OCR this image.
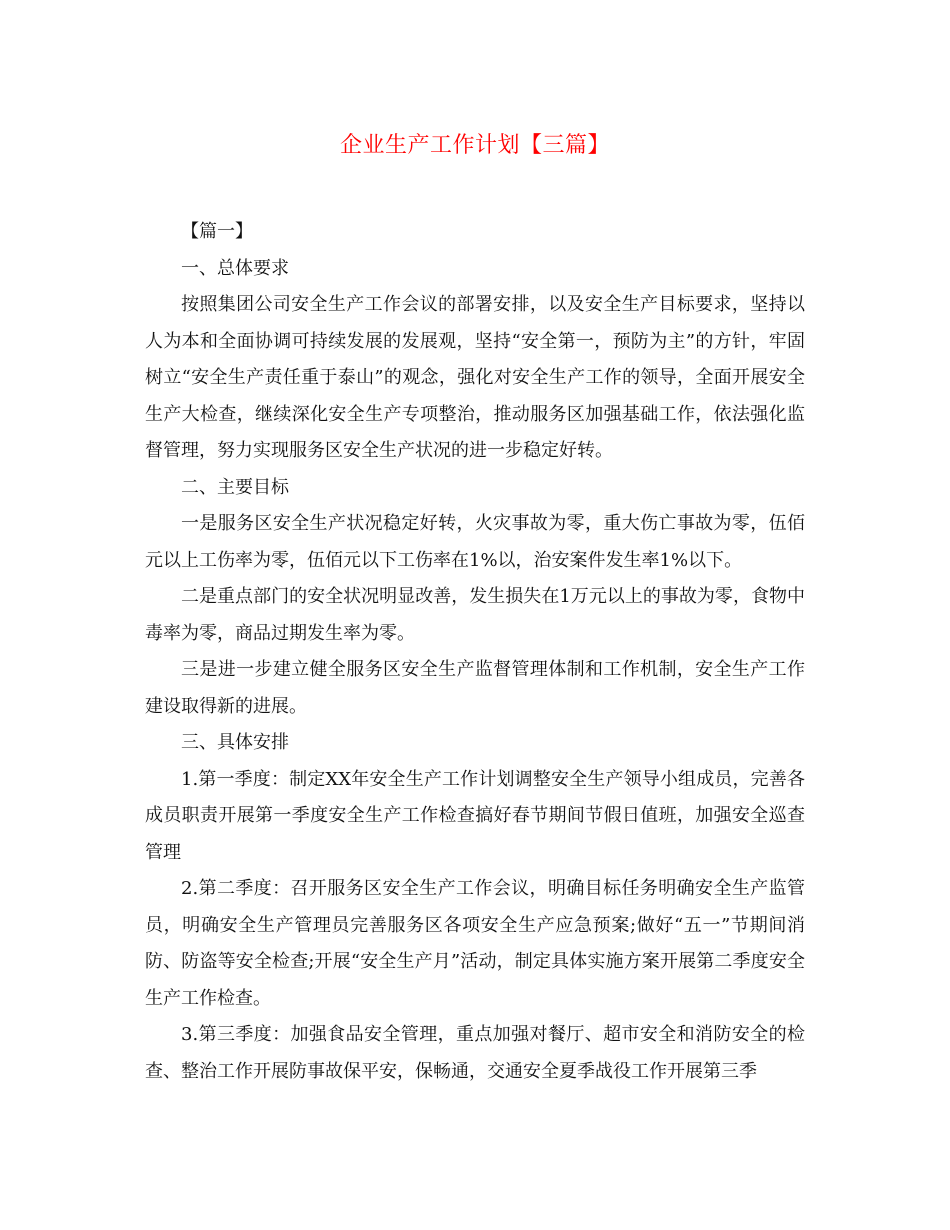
企业生产工作计划【三篇】

【篇一】

一、总体要求

按照集团公司安全生产工作会议的部署安排，以及安全生产目标要求，坚持以人为本和全面协调可持续发展的发展观，坚持“安全第一，预防为主”的方针，牢固树立“安全生产责任重于泰山”的观念，强化对安全生产工作的领导，全面开展安全生产大检查，继续深化安全生产专项整治，推动服务区加强基础工作，依法强化监督管理，努力实现服务区安全生产状况的进一步稳定好转。

二、主要目标

一是服务区安全生产状况稳定好转，火灾事故为零，重大伤亡事故为零，伍佰元以上工伤率为零，伍佰元以下工伤率在1%以，治安案件发生率1%以下。

二是重点部门的安全状况明显改善，发生损失在1万元以上的事故为零，食物中毒率为零，商品过期发生率为零。

三是进一步建立健全服务区安全生产监督管理体制和工作机制，安全生产工作建设取得新的进展。

三、具体安排

1.第一季度：制定XX年安全生产工作计划调整安全生产领导小组成员，完善各成员职责开展第一季度安全生产工作检查搞好春节期间节假日值班，加强安全巡查管理

2.第二季度：召开服务区安全生产工作会议，明确目标任务明确安全生产监管员，明确安全生产管理员完善服务区各项安全生产应急预案;做好“五一”节期间消防、防盗等安全检查;开展“安全生产月”活动，制定具体实施方案开展第二季度安全生产工作检查。

3.第三季度：加强食品安全管理，重点加强对餐厅、超市安全和消防安全的检查、整治工作开展防事故保平安，保畅通，交通安全夏季战役工作开展第三季
